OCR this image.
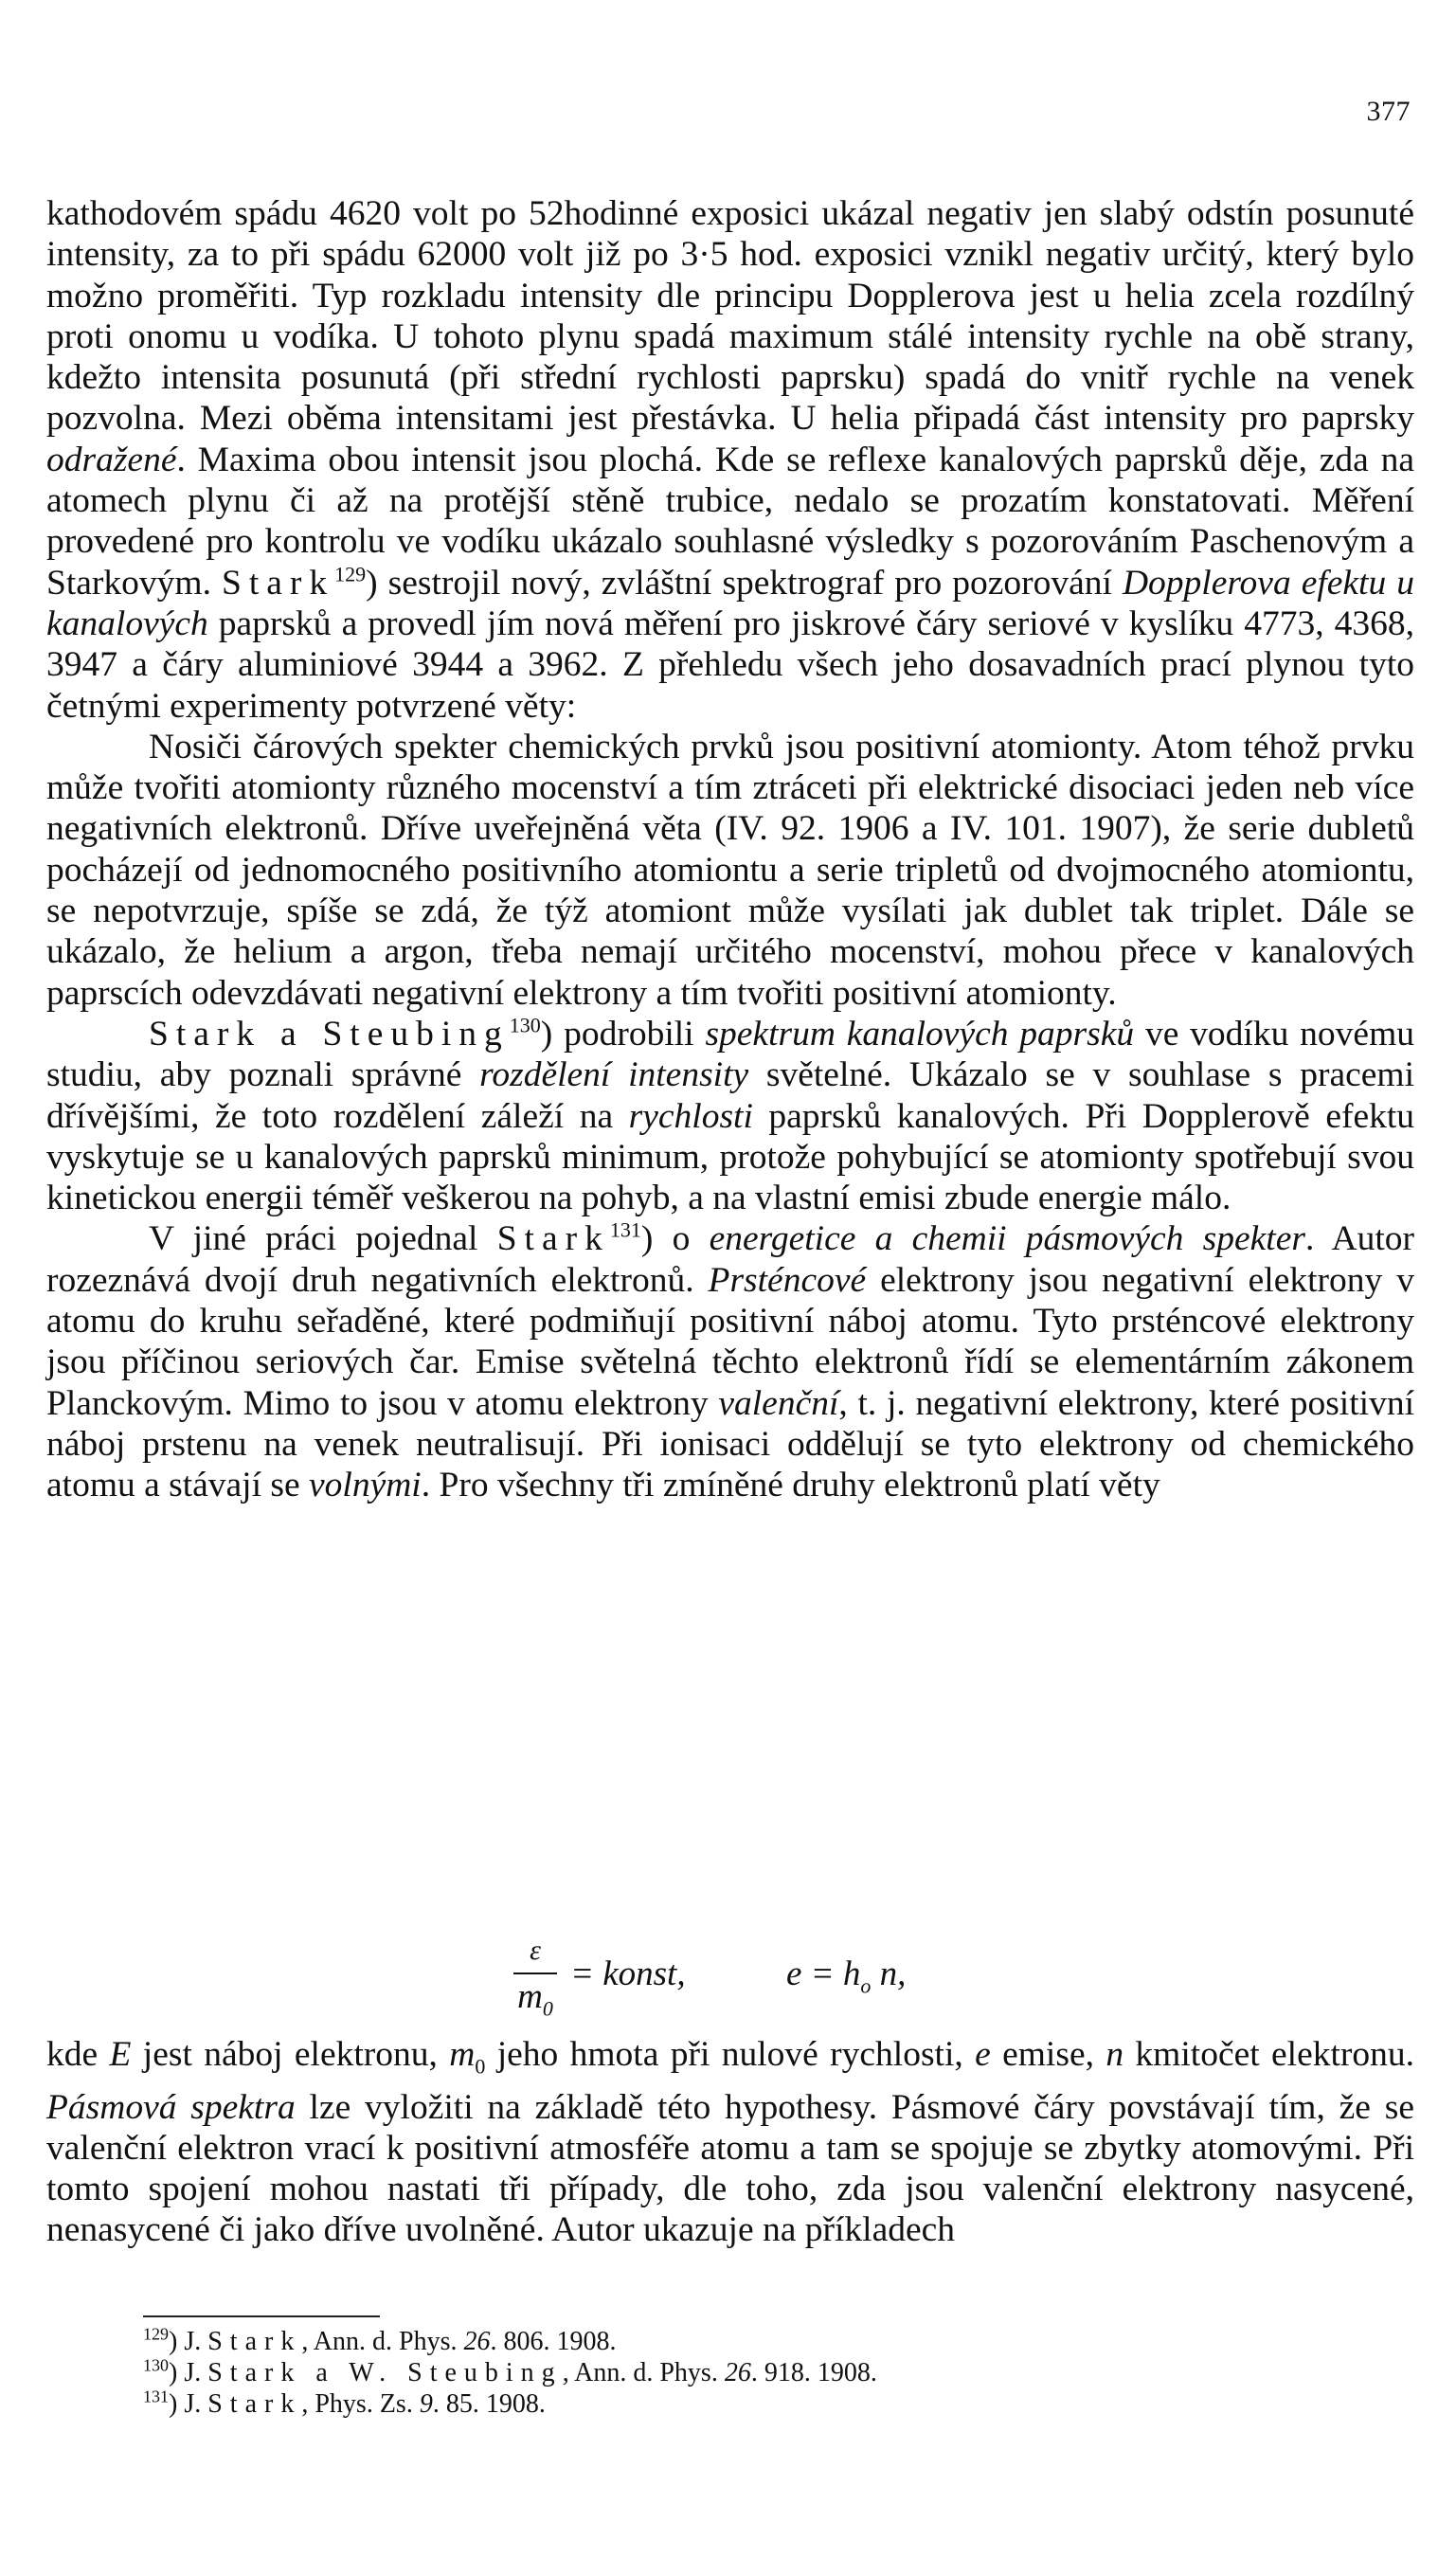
377

kathodovém spádu 4620 volt po 52hodinné exposici ukázal negativ jen slabý odstín posunuté intensity, za to při spádu 62000 volt již po 3·5 hod. exposici vznikl negativ určitý, který bylo možno proměřiti. Typ rozkladu intensity dle principu Dopplerova jest u helia zcela rozdílný proti onomu u vodíka. U tohoto plynu spadá maximum stálé intensity rychle na obě strany, kdežto intensita posunutá (při střední rychlosti paprsku) spadá do vnitř rychle na venek pozvolna. Mezi oběma intensitami jest přestávka. U helia připadá část intensity pro paprsky odražené. Maxima obou intensit jsou plochá. Kde se reflexe kanalových paprsků děje, zda na atomech plynu či až na protější stěně trubice, nedalo se prozatím konstatovati. Měření provedené pro kontrolu ve vodíku ukázalo souhlasné výsledky s pozorováním Paschenovým a Starkovým. Stark$^{129}$) sestrojil nový, zvláštní spektrograf pro pozorování Dopplerova efektu u kanalových paprsků a provedl jím nová měření pro jiskrové čáry seriové v kyslíku 4773, 4368, 3947 a čáry aluminiové 3944 a 3962. Z přehledu všech jeho dosavadních prací plynou tyto četnými experimenty potvrzené věty:

Nosiči čárových spekter chemických prvků jsou positivní atomionty. Atom téhož prvku může tvořiti atomionty různého mocenství a tím ztráceti při elektrické disociaci jeden neb více negativních elektronů. Dříve uveřejněná věta (IV. 92. 1906 a IV. 101. 1907), že serie dubletů pocházejí od jednomocného positivního atomiontu a serie tripletů od dvojmocného atomiontu, se nepotvrzuje, spíše se zdá, že týž atomiont může vysílati jak dublet tak triplet. Dále se ukázalo, že helium a argon, třeba nemají určitého mocenství, mohou přece v kanalových paprscích odevzdávati negativní elektrony a tím tvořiti positivní atomionty.

Stark a Steubing$^{130}$) podrobili spektrum kanalových paprsků ve vodíku novému studiu, aby poznali správné rozdělení intensity světelné. Ukázalo se v souhlase s pracemi dřívějšími, že toto rozdělení záleží na rychlosti paprsků kanalových. Při Dopplerově efektu vyskytuje se u kanalových paprsků minimum, protože pohybující se atomionty spotřebují svou kinetickou energii téměř veškerou na pohyb, a na vlastní emisi zbude energie málo.

V jiné práci pojednal Stark$^{131}$) o energetice a chemii pásmových spekter. Autor rozeznává dvojí druh negativních elektronů. Prsténcové elektrony jsou negativní elektrony v atomu do kruhu seřaděné, které podmiňují positivní náboj atomu. Tyto prsténcové elektrony jsou příčinou seriových čar. Emise světelná těchto elektronů řídí se elementárním zákonem Planckovým. Mimo to jsou v atomu elektrony valenční, t. j. negativní elektrony, které positivní náboj prstenu na venek neutralisují. Při ionisaci oddělují se tyto elektrony od chemického atomu a stávají se volnými. Pro všechny tři zmíněné druhy elektronů platí věty

ε
$m_0$
= konst,	$e = h_o$ n,
kde E jest náboj elektronu, $m_0$ jeho hmota při nulové rychlosti, e emise, n kmitočet elektronu. Pásmová spektra lze vyložiti na základě této hypothesy. Pásmové čáry povstávají tím, že se valenční elektron vrací k positivní atmosféře atomu a tam se spojuje se zbytky atomovými. Při tomto spojení mohou nastati tři případy, dle toho, zda jsou valenční elektrony nasycené, nenasycené či jako dříve uvolněné. Autor ukazuje na příkladech
$^{129}$) J. Stark, Ann. d. Phys. 26. 806. 1908.
$^{130}$) J. Stark a W. Steubing, Ann. d. Phys. 26. 918. 1908.
$^{131}$) J. Stark, Phys. Zs. 9. 85. 1908.
